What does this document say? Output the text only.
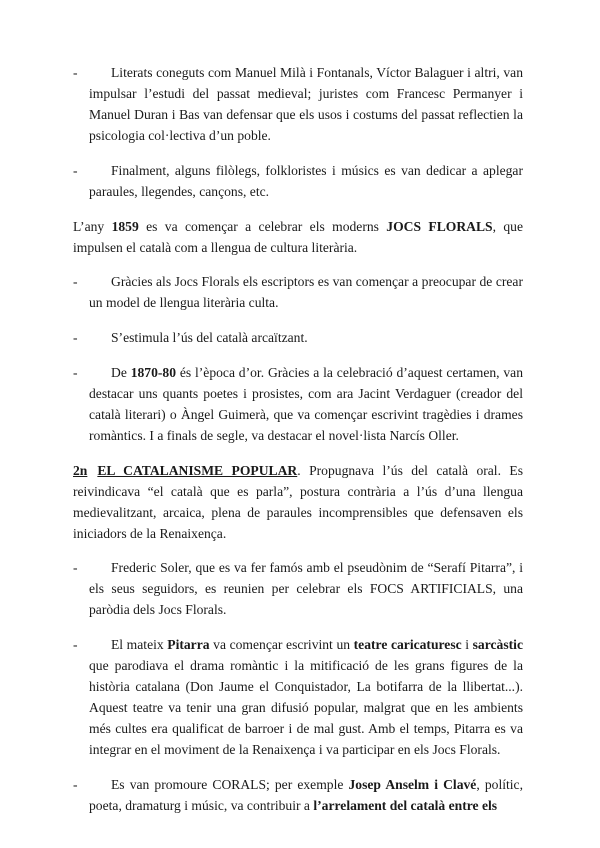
-	Literats coneguts com Manuel Milà i Fontanals, Víctor Balaguer i altri, van impulsar l’estudi del passat medieval; juristes com Francesc Permanyer i Manuel Duran i Bas van defensar que els usos i costums del passat reflectien la psicologia col·lectiva d’un poble.
-	Finalment, alguns filòlegs, folkloristes i músics es van dedicar a aplegar paraules, llegendes, cançons, etc.

L’any 1859 es va començar a celebrar els moderns JOCS FLORALS, que impulsen el català com a llengua de cultura literària.

-	Gràcies als Jocs Florals els escriptors es van començar a preocupar de crear un model de llengua literària culta.
-	S’estimula l’ús del català arcaïtzant.
-	De 1870-80 és l’època d’or. Gràcies a la celebració d’aquest certamen, van destacar uns quants poetes i prosistes, com ara Jacint Verdaguer (creador del català literari) o Àngel Guimerà, que va començar escrivint tragèdies i drames romàntics. I a finals de segle, va destacar el novel·lista Narcís Oller.

2n EL CATALANISME POPULAR. Propugnava l’ús del català oral. Es reivindicava “el català que es parla”, postura contrària a l’ús d’una llengua medievalitzant, arcaica, plena de paraules incomprensibles que defensaven els iniciadors de la Renaixença.

-	Frederic Soler, que es va fer famós amb el pseudònim de “Serafí Pitarra”, i els seus seguidors, es reunien per celebrar els FOCS ARTIFICIALS, una paròdia dels Jocs Florals.
-	El mateix Pitarra va començar escrivint un teatre caricaturesc i sarcàstic que parodiava el drama romàntic i la mitificació de les grans figures de la història catalana (Don Jaume el Conquistador, La botifarra de la llibertat...). Aquest teatre va tenir una gran difusió popular, malgrat que en les ambients més cultes era qualificat de barroer i de mal gust. Amb el temps, Pitarra es va integrar en el moviment de la Renaixença i va participar en els Jocs Florals.
-	Es van promoure CORALS; per exemple Josep Anselm i Clavé, polític, poeta, dramaturg i músic, va contribuir a l’arrelament del català entre els
